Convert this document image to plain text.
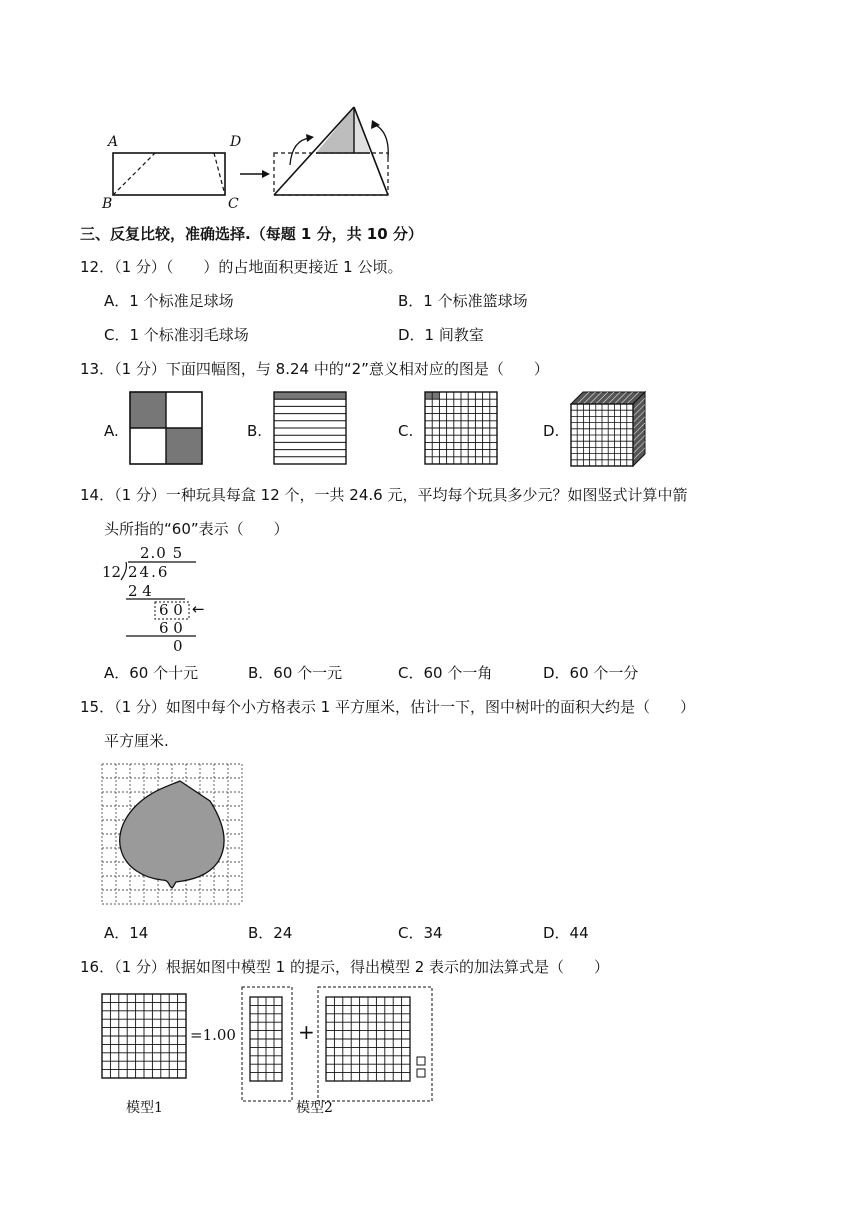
A
B	C
D
三、反复比较，准确选择.（每题 1 分，共 10 分）
12．（1 分）（　　）的占地面积更接近 1 公顷。
A．1 个标准足球场	B．1 个标准篮球场
C．1 个标准羽毛球场	D．1 间教室
13．（1 分）下面四幅图，与 8.24 中的“2”意义相对应的图是（　　）
A.	B.	C.	D.
14．（1 分）一种玩具每盒 12 个，一共 24.6 元，平均每个玩具多少元？如图竖式计算中箭
头所指的“60”表示（　　）
2.0 5
12 24.6
2 4
6 0 ←
6 0
0
A．60 个十元	B．60 个一元	C．60 个一角	D．60 个一分
15．（1 分）如图中每个小方格表示 1 平方厘米，估计一下，图中树叶的面积大约是（　　）
平方厘米.
A．14	B．24	C．34	D．44
16．（1 分）根据如图中模型 1 的提示，得出模型 2 表示的加法算式是（　　）
=1.00	+
模型1	模型2
